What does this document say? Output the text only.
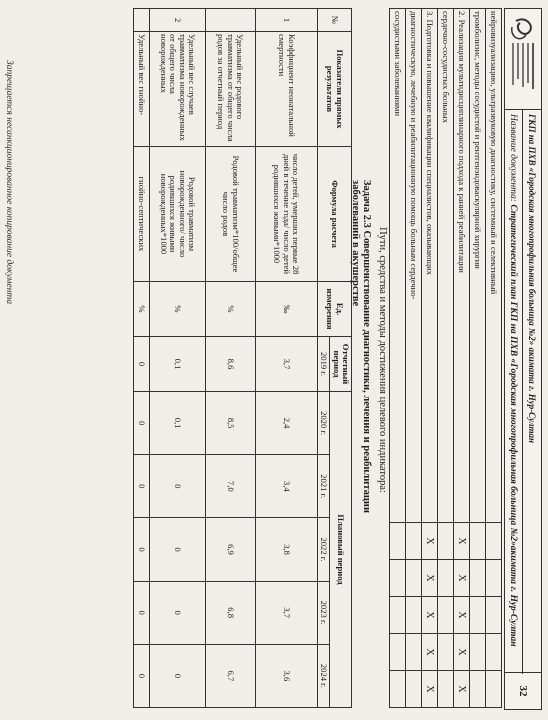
ГКП на ПХВ «Городская многопрофильная больница №2» акимата г. Нур-Султан
Название документа: Стратегический план ГКП на ПХВ «Городская многопрофильная больница №2»акимата г. Нур-Султан
32
нейровизуализацию, ультразвуковую диагностику, системный и селективный					
тромболизис, методы сосудистой и рентгенэндоваскулярной хирургии					
2. Реализация мультидисциплинарного подхода к ранней реабилитации	X	X	X	X	X
сердечно-сосудистых больных					
3. Подготовка и повышение квалификации специалистов, оказывающих	X	X	X	X	X
диагностическую, лечебную и реабилитационную помощь больным сердечно-					
сосудистыми заболеваниями					
Пути, средства и методы достижения целевого индикатора:
Задача 2.3 Совершенствование диагностики, лечения и реабилитации заболеваний в акушерстве
№	Показатели прямых результатов	Формула расчета	Ед. измерения	Отчетный период	Плановый период				
				2019 г.	2020 г.	2021 г.	2022 г.	2023 г.	2024 г.
1	Коэффициент неонатальной смертности	число детей, умерших первые 28 дней в течение года/ число детей родившихся живыми*1000	‰	3,7	2,4	3,4	3,8	3,7	3,6
	Удельный вес родового травматизма от общего числа родов за отчетный период	Родовой травматизм*100/общее число родов	%	8,6	8,5	7,0	6,9	6,8	6,7
2	Удельный вес случаев травматизма новорожденных от общего числа новорожденных	Родовой травматизм новорожденного/ число родившихся живыми новорожденных*1000	%	0,1	0,1	0	0	0	0
	Удельный вес гнойно-	гнойно-септических	%	0	0	0	0	0	0
Запрещается несанкционированное копирование документа
